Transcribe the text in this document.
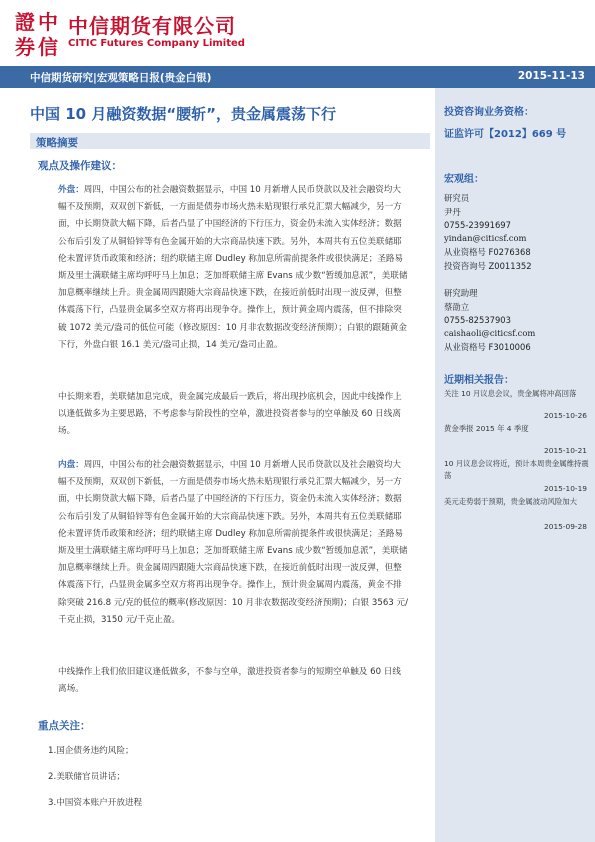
證 中
券 信
中信期货有限公司
CITIC Futures Company Limited
中信期货研究|宏观策略日报(贵金白银)	2015-11-13
中国 10 月融资数据“腰斩”，贵金属震荡下行
策略摘要
观点及操作建议：

外盘：周四，中国公布的社会融资数据显示，中国 10 月新增人民币贷款以及社会融资均大幅不及预期，双双创下新低，一方面是债券市场火热未贴现银行承兑汇票大幅减少，另一方面，中长期贷款大幅下降，后者凸显了中国经济的下行压力，资金仍未流入实体经济；数据公布后引发了从铜铅锌等有色金属开始的大宗商品快速下跌。另外，本周共有五位美联储耶伦未置评货币政策和经济；纽约联储主席 Dudley 称加息所需前提条件或很快满足；圣路易斯及里士满联储主席均呼吁马上加息；芝加哥联储主席 Evans 成少数“暂缓加息派”，美联储加息概率继续上升。贵金属周四跟随大宗商品快速下跌，在接近前低时出现一波反弹，但整体震荡下行，凸显贵金属多空双方将再出现争夺。操作上，预计黄金周内震荡，但不排除突破 1072 美元/盎司的低位可能（修改原因：10 月非农数据改变经济预期）；白银的跟随黄金下行，外盘白银 16.1 美元/盎司止损，14 美元/盎司止盈。

中长期来看，美联储加息完成，贵金属完成最后一跌后，将出现抄底机会，因此中线操作上以逢低做多为主要思路，不考虑参与阶段性的空单，激进投资者参与的空单触及 60 日线离场。

内盘：周四，中国公布的社会融资数据显示，中国 10 月新增人民币贷款以及社会融资均大幅不及预期，双双创下新低，一方面是债券市场火热未贴现银行承兑汇票大幅减少，另一方面，中长期贷款大幅下降，后者凸显了中国经济的下行压力，资金仍未流入实体经济；数据公布后引发了从铜铅锌等有色金属开始的大宗商品快速下跌。另外，本周共有五位美联储耶伦未置评货币政策和经济；纽约联储主席 Dudley 称加息所需前提条件或很快满足；圣路易斯及里士满联储主席均呼吁马上加息；芝加哥联储主席 Evans 成少数“暂缓加息派”，美联储加息概率继续上升。贵金属周四跟随大宗商品快速下跌，在接近前低时出现一波反弹，但整体震荡下行，凸显贵金属多空双方将再出现争夺。操作上，预计贵金属周内震荡，黄金不排除突破 216.8 元/克的低位的概率(修改原因：10 月非农数据改变经济预期)；白银 3563 元/千克止损，3150 元/千克止盈。

中线操作上我们依旧建议逢低做多，不参与空单，激进投资者参与的短期空单触及 60 日线离场。

重点关注：
1.国企债务违约风险；
2.美联储官员讲话；
3.中国资本账户开放进程
投资咨询业务资格：
证监许可【2012】669 号
宏观组：
研究员
尹丹
0755-23991697
yindan@citicsf.com
从业资格号 F0276368
投资咨询号 Z0011352
研究助理
蔡劭立
0755-82537903
caishaoli@citicsf.com
从业资格号 F3010006
近期相关报告：
关注 10 月议息会议，贵金属将冲高回落
2015-10-26
黄金季报 2015 年 4 季度
2015-10-21
10 月议息会议将近，预计本周贵金属维持震荡
2015-10-19
美元走势弱于预期，贵金属波动风险加大
2015-09-28
